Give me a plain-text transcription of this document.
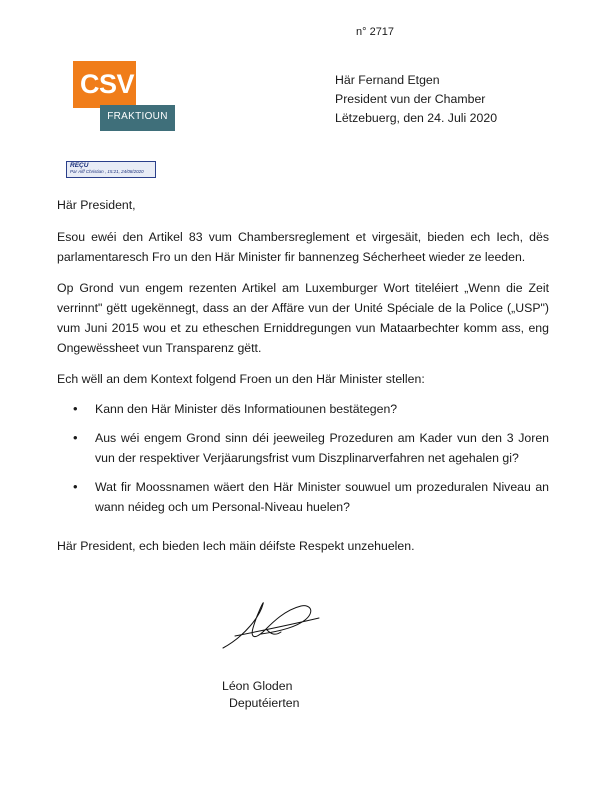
n° 2717
CSV
FRAKTIOUN
Här Fernand Etgen
President vun der Chamber
Lëtzebuerg, den 24. Juli 2020
REÇU
Par Aiff Christian , 15:21, 24/08/2020
Här President,
Esou ewéi den Artikel 83 vum Chambersreglement et virgesäit, bieden ech Iech, dës parlamentaresch Fro un den Här Minister fir bannenzeg Sécherheet wieder ze leeden.
Op Grond vun engem rezenten Artikel am Luxemburger Wort titeléiert „Wenn die Zeit verrinnt" gëtt ugekënnegt, dass an der Affäre vun der Unité Spéciale de la Police („USP") vum Juni 2015 wou et zu etheschen Erniddregungen vun Mataarbechter komm ass, eng Ongewëssheet vun Transparenz gëtt.
Ech wëll an dem Kontext folgend Froen un den Här Minister stellen:
• Kann den Här Minister dës Informatiounen bestätegen?
• Aus wéi engem Grond sinn déi jeeweileg Prozeduren am Kader vun den 3 Joren vun der respektiver Verjäarungsfrist vum Diszplinarverfahren net agehalen gi?
• Wat fir Moossnamen wäert den Här Minister souwuel um prozeduralen Niveau an wann néideg och um Personal-Niveau huelen?
Här President, ech bieden Iech mäin déifste Respekt unzehuelen.
Léon Gloden
Deputéierten
